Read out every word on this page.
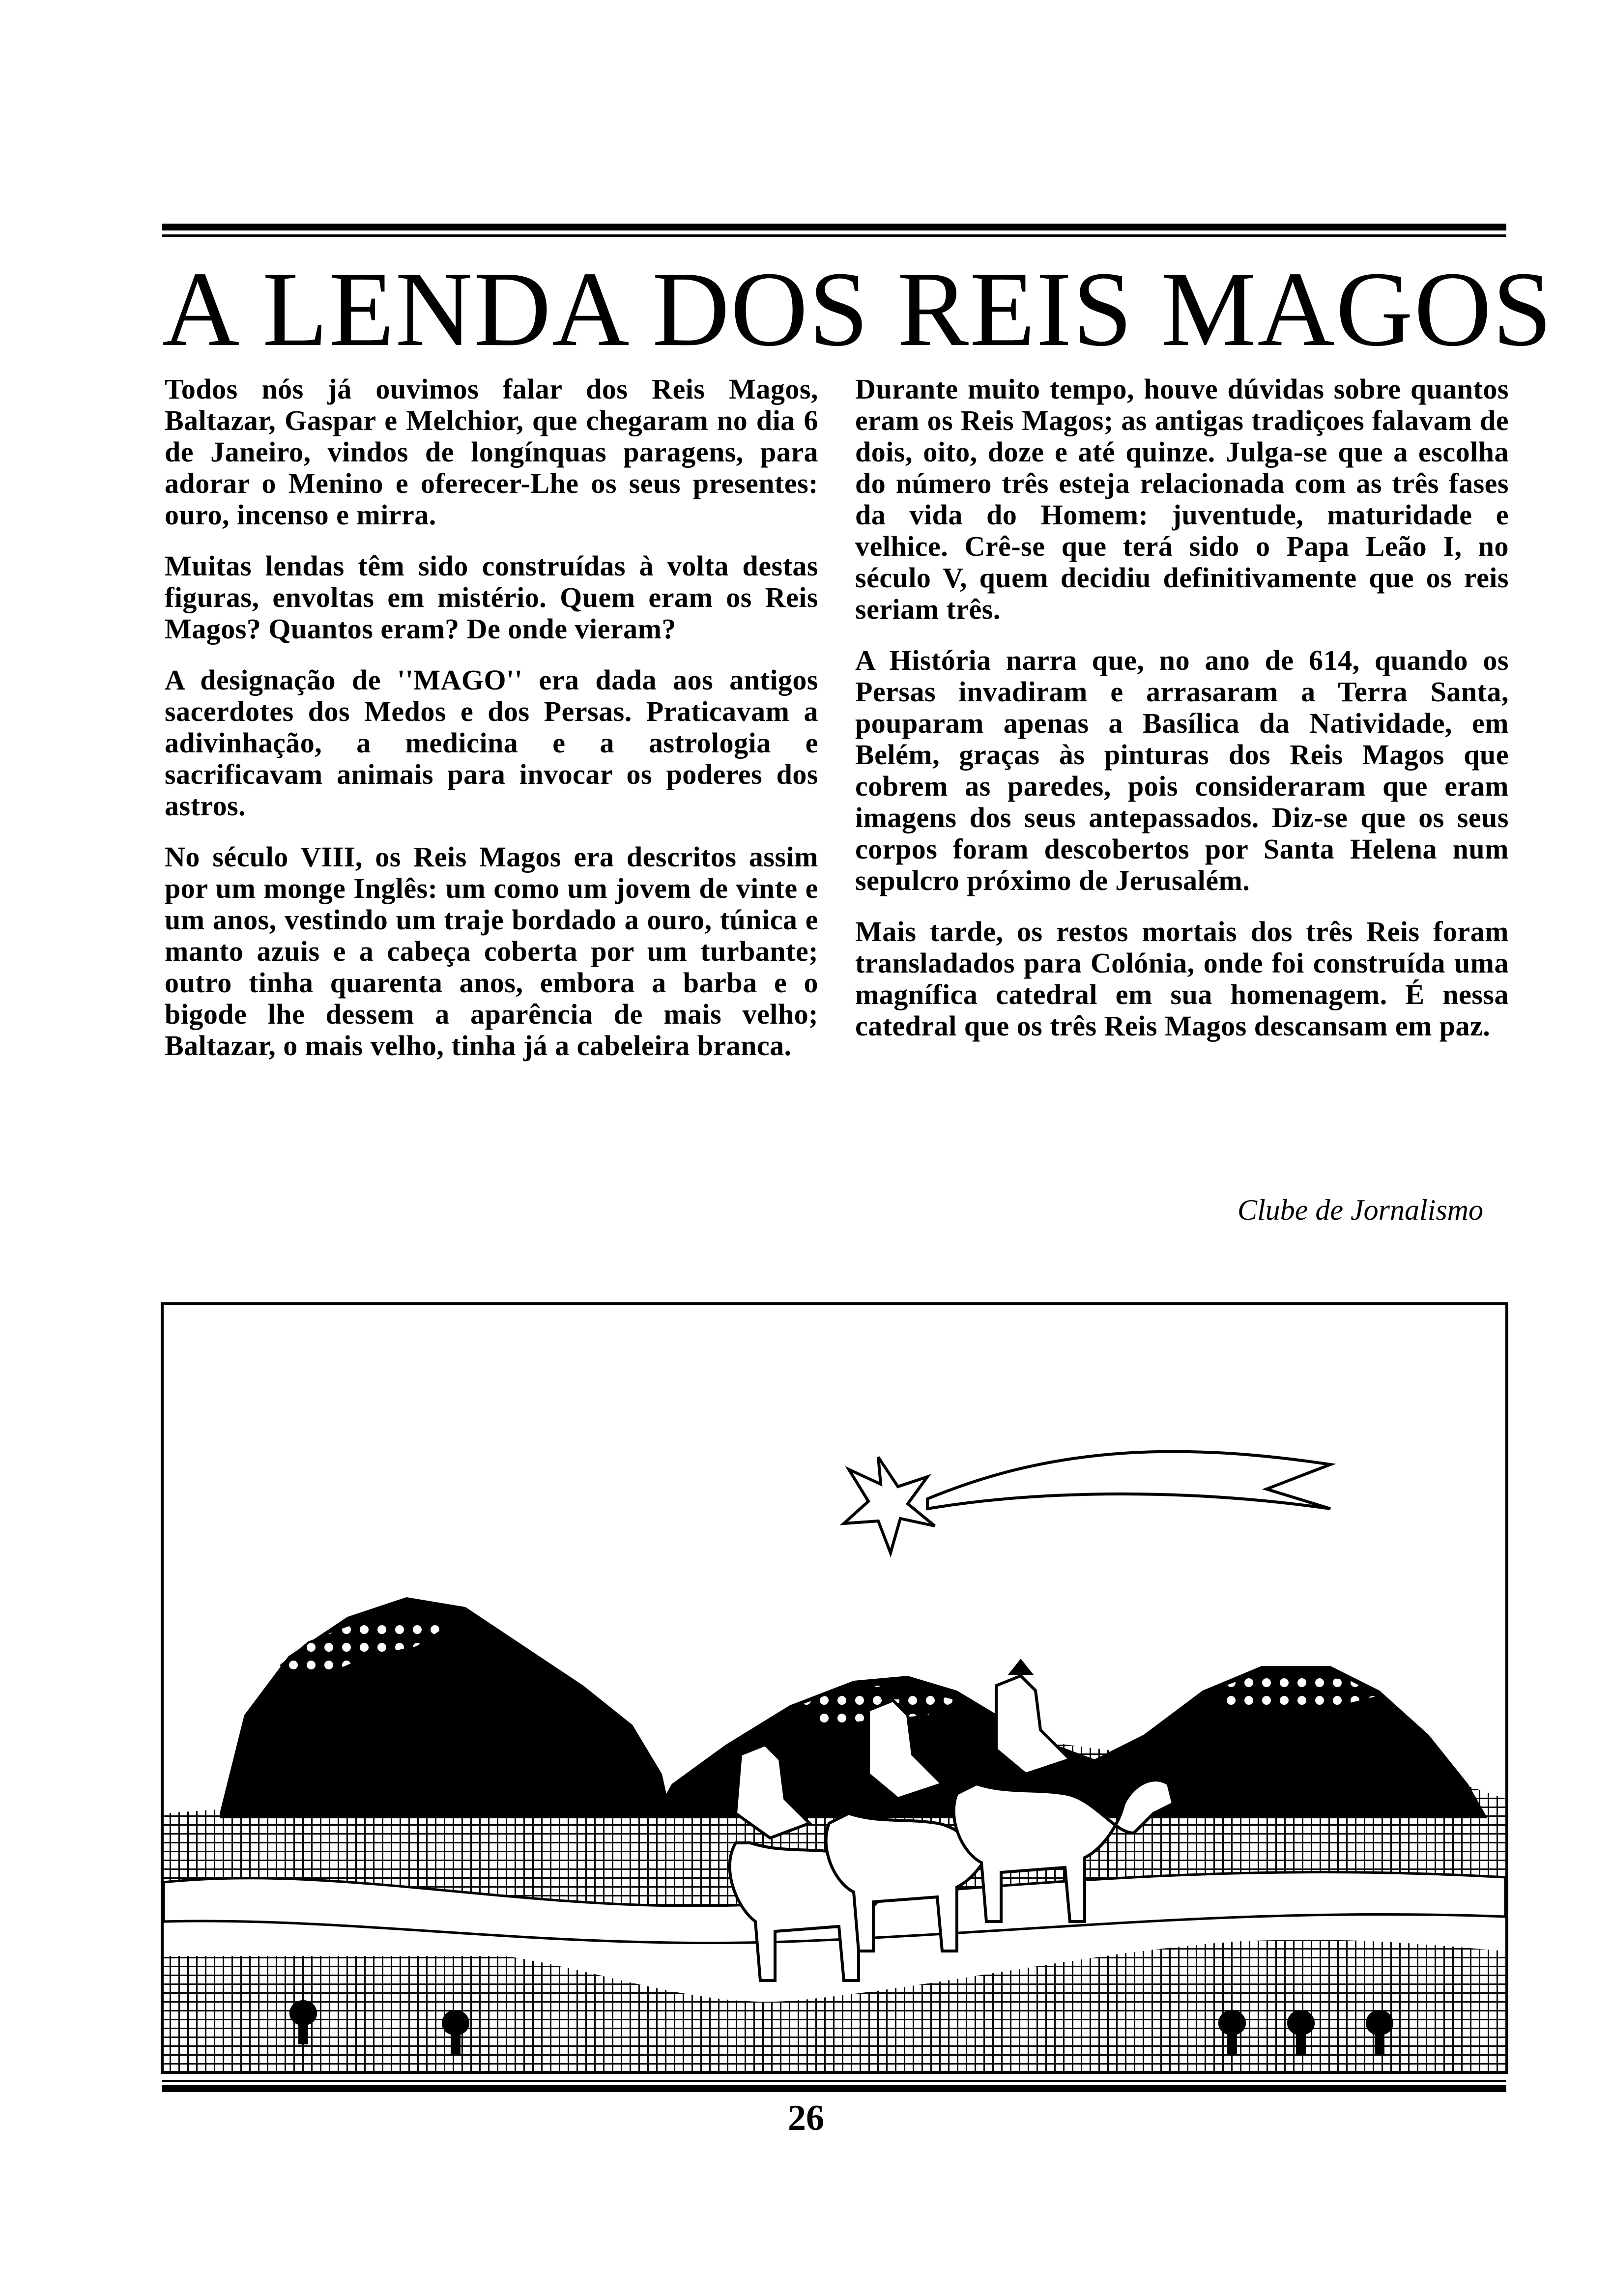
A LENDA DOS REIS MAGOS

Todos nós já ouvimos falar dos Reis Magos, Baltazar, Gaspar e Melchior, que chegaram no dia 6 de Janeiro, vindos de longínquas paragens, para adorar o Menino e oferecer-Lhe os seus presentes: ouro, incenso e mirra.

Muitas lendas têm sido construídas à volta destas figuras, envoltas em mistério. Quem eram os Reis Magos? Quantos eram? De onde vieram?

A designação de ''MAGO'' era dada aos antigos sacerdotes dos Medos e dos Persas. Praticavam a adivinhação, a medicina e a astrologia e sacrificavam animais para invocar os poderes dos astros.

No século VIII, os Reis Magos era descritos assim por um monge Inglês: um como um jovem de vinte e um anos, vestindo um traje bordado a ouro, túnica e manto azuis e a cabeça coberta por um turbante; outro tinha quarenta anos, embora a barba e o bigode lhe dessem a aparência de mais velho; Baltazar, o mais velho, tinha já a cabeleira branca.

Durante muito tempo, houve dúvidas sobre quantos eram os Reis Magos; as antigas tradiçoes falavam de dois, oito, doze e até quinze. Julga-se que a escolha do número três esteja relacionada com as três fases da vida do Homem: juventude, maturidade e velhice. Crê-se que terá sido o Papa Leão I, no século V, quem decidiu definitivamente que os reis seriam três.

A História narra que, no ano de 614, quando os Persas invadiram e arrasaram a Terra Santa, pouparam apenas a Basílica da Natividade, em Belém, graças às pinturas dos Reis Magos que cobrem as paredes, pois consideraram que eram imagens dos seus antepassados. Diz-se que os seus corpos foram descobertos por Santa Helena num sepulcro próximo de Jerusalém.

Mais tarde, os restos mortais dos três Reis foram transladados para Colónia, onde foi construída uma magnífica catedral em sua homenagem. É nessa catedral que os três Reis Magos descansam em paz.

Clube de Jornalismo
26
